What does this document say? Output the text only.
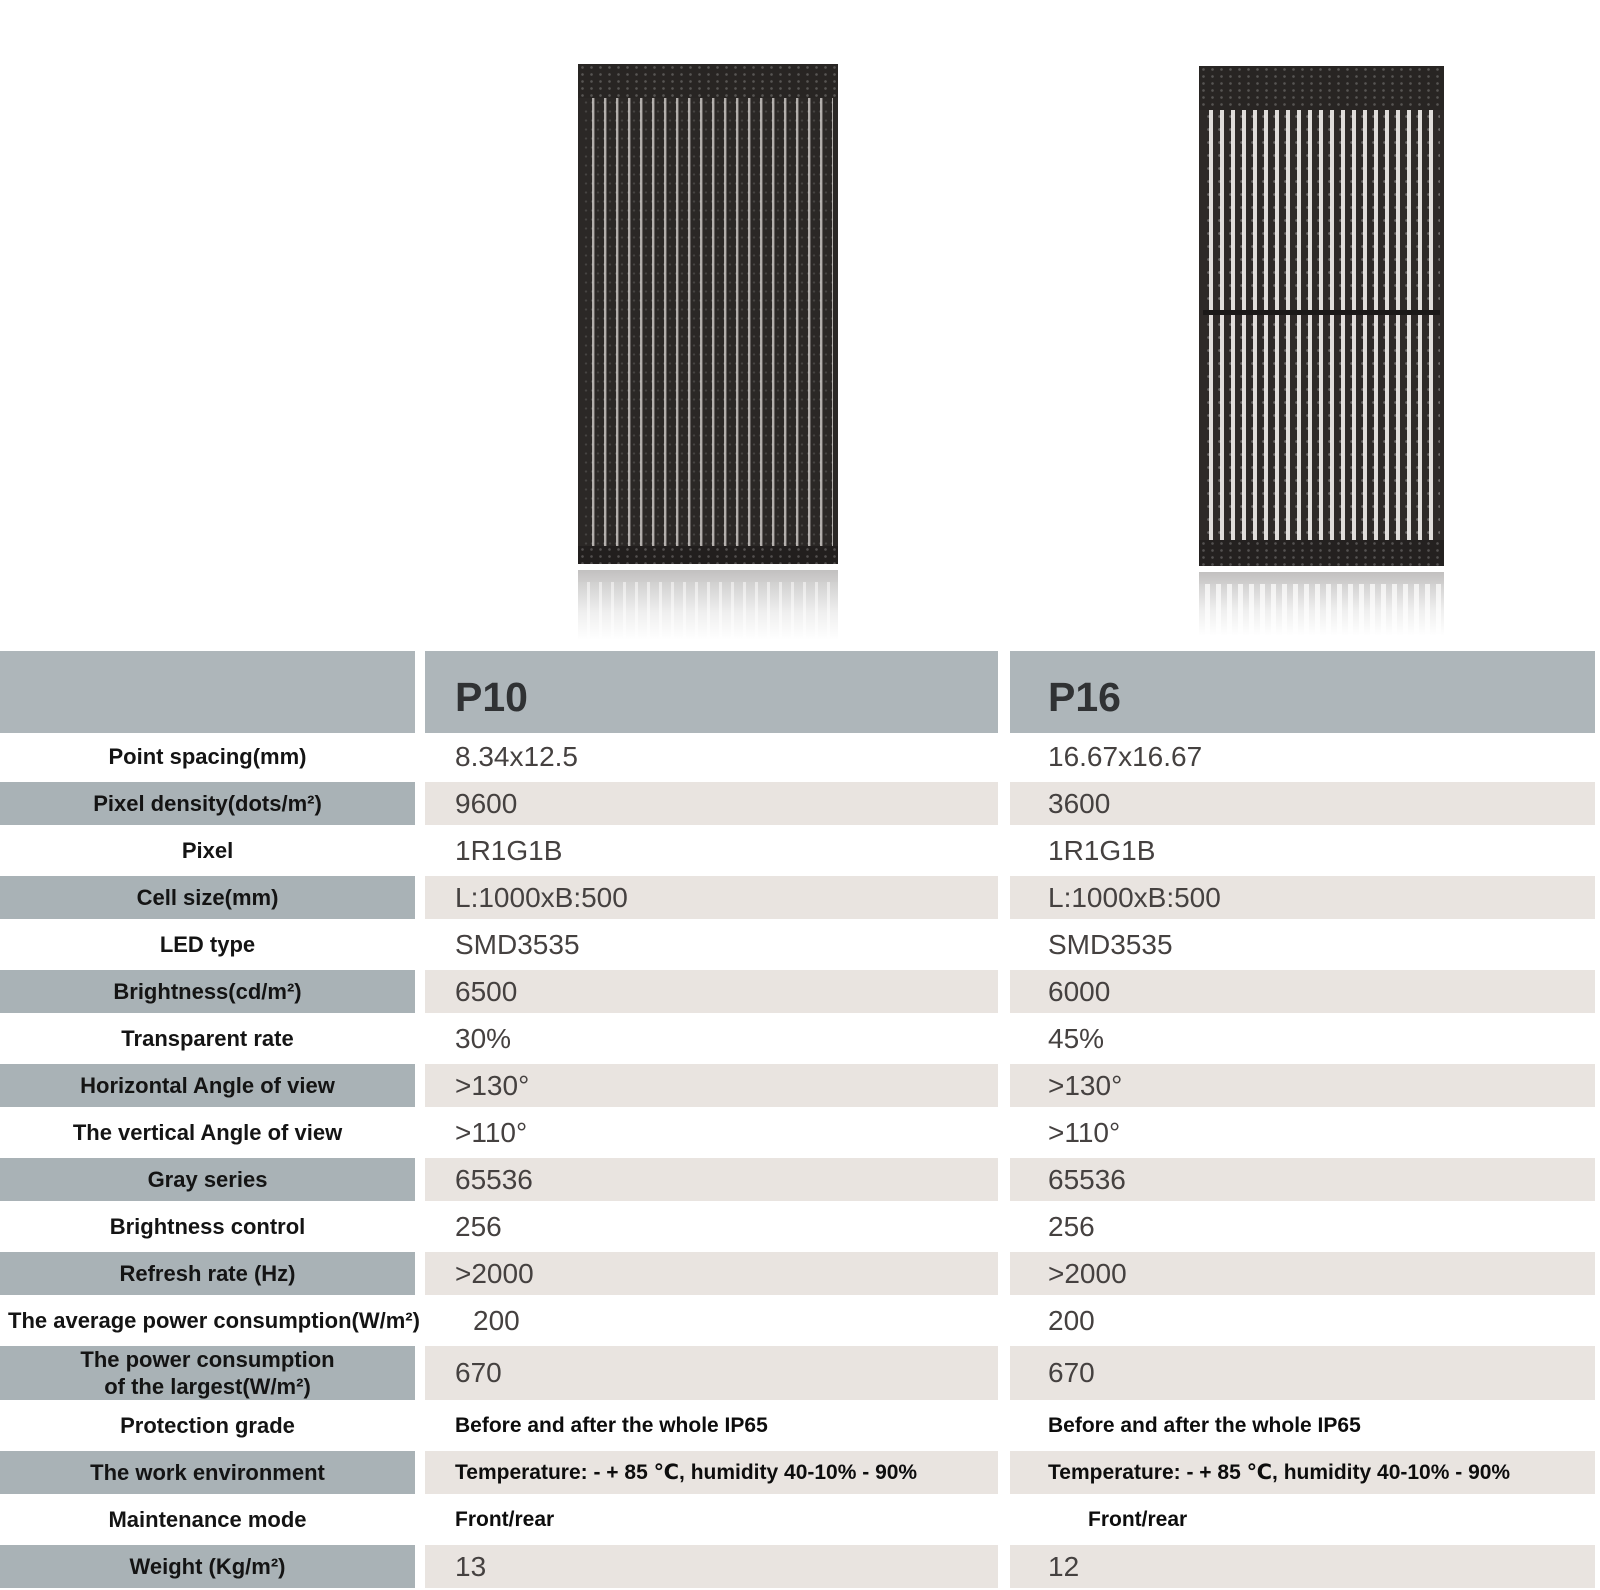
P10	P16
Point spacing(mm)	8.34x12.5	16.67x16.67
Pixel density(dots/m²)	9600	3600
Pixel	1R1G1B	1R1G1B
Cell size(mm)	L:1000xB:500	L:1000xB:500
LED type	SMD3535	SMD3535
Brightness(cd/m²)	6500	6000
Transparent rate	30%	45%
Horizontal Angle of view	>130°	>130°
The vertical Angle of view	>110°	>110°
Gray series	65536	65536
Brightness control	256	256
Refresh rate (Hz)	>2000	>2000
The average power consumption(W/m²) 200	200
The power consumption
of the largest(W/m²)	670	670
Protection grade	Before and after the whole IP65	Before and after the whole IP65
The work environment	Temperature: - + 85 ℃, humidity 40-10% - 90%	Temperature: - + 85 ℃, humidity 40-10% - 90%
Maintenance mode	Front/rear	Front/rear
Weight (Kg/m²)	13	12
